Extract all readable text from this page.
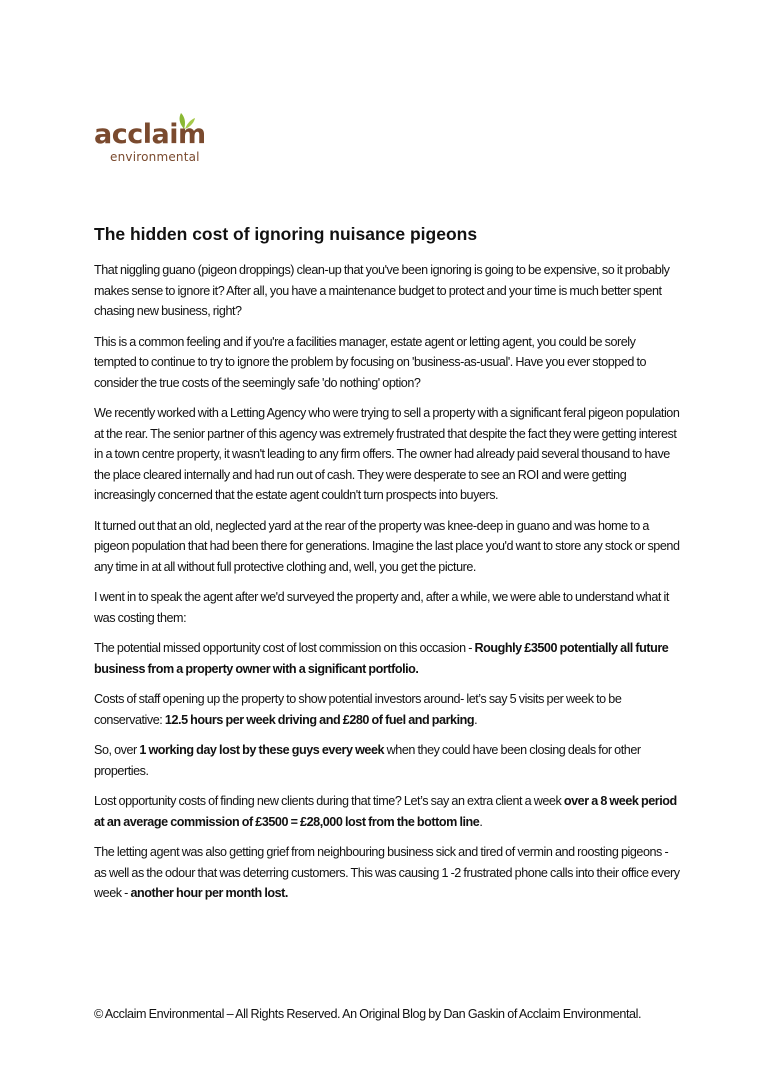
acclaim
environmental
The hidden cost of ignoring nuisance pigeons

That niggling guano (pigeon droppings) clean-up that you've been ignoring is going to be expensive, so it probably makes sense to ignore it? After all, you have a maintenance budget to protect and your time is much better spent chasing new business, right?

This is a common feeling and if you're a facilities manager, estate agent or letting agent, you could be sorely tempted to continue to try to ignore the problem by focusing on 'business-as-usual'. Have you ever stopped to consider the true costs of the seemingly safe 'do nothing' option?

We recently worked with a Letting Agency who were trying to sell a property with a significant feral pigeon population at the rear. The senior partner of this agency was extremely frustrated that despite the fact they were getting interest in a town centre property, it wasn't leading to any firm offers. The owner had already paid several thousand to have the place cleared internally and had run out of cash. They were desperate to see an ROI and were getting increasingly concerned that the estate agent couldn't turn prospects into buyers.

It turned out that an old, neglected yard at the rear of the property was knee-deep in guano and was home to a pigeon population that had been there for generations. Imagine the last place you'd want to store any stock or spend any time in at all without full protective clothing and, well, you get the picture.

I went in to speak the agent after we'd surveyed the property and, after a while, we were able to understand what it was costing them:

The potential missed opportunity cost of lost commission on this occasion - Roughly £3500 potentially all future business from a property owner with a significant portfolio.

Costs of staff opening up the property to show potential investors around- let’s say 5 visits per week to be conservative: 12.5 hours per week driving and £280 of fuel and parking.

So, over 1 working day lost by these guys every week when they could have been closing deals for other properties.

Lost opportunity costs of finding new clients during that time? Let’s say an extra client a week over a 8 week period at an average commission of £3500 = £28,000 lost from the bottom line.

The letting agent was also getting grief from neighbouring business sick and tired of vermin and roosting pigeons - as well as the odour that was deterring customers. This was causing 1 -2 frustrated phone calls into their office every week - another hour per month lost.

© Acclaim Environmental – All Rights Reserved. An Original Blog by Dan Gaskin of Acclaim Environmental.
